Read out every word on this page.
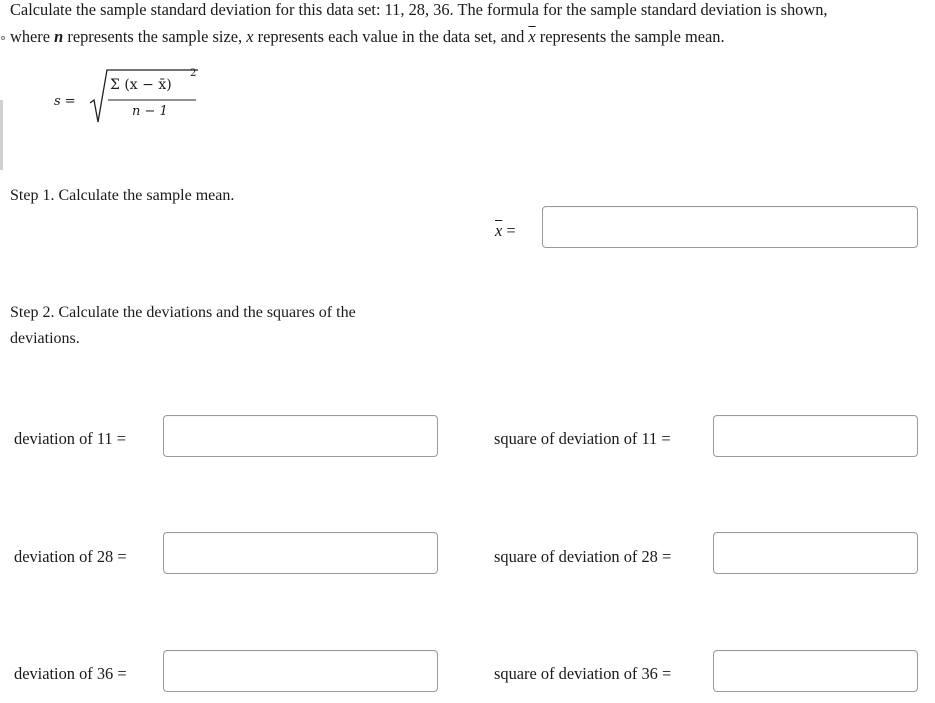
Calculate the sample standard deviation for this data set: 11, 28, 36. The formula for the sample standard deviation is shown,
where n represents the sample size, x represents each value in the data set, and $\overline{x}$ represents the sample mean.
s =
Σ (x − x̄)
2
n − 1
Step 1. Calculate the sample mean.
$\overline{x}$ =
Step 2. Calculate the deviations and the squares of the
deviations.
deviation of 11 =	square of deviation of 11 =
deviation of 28 =	square of deviation of 28 =
deviation of 36 =	square of deviation of 36 =
